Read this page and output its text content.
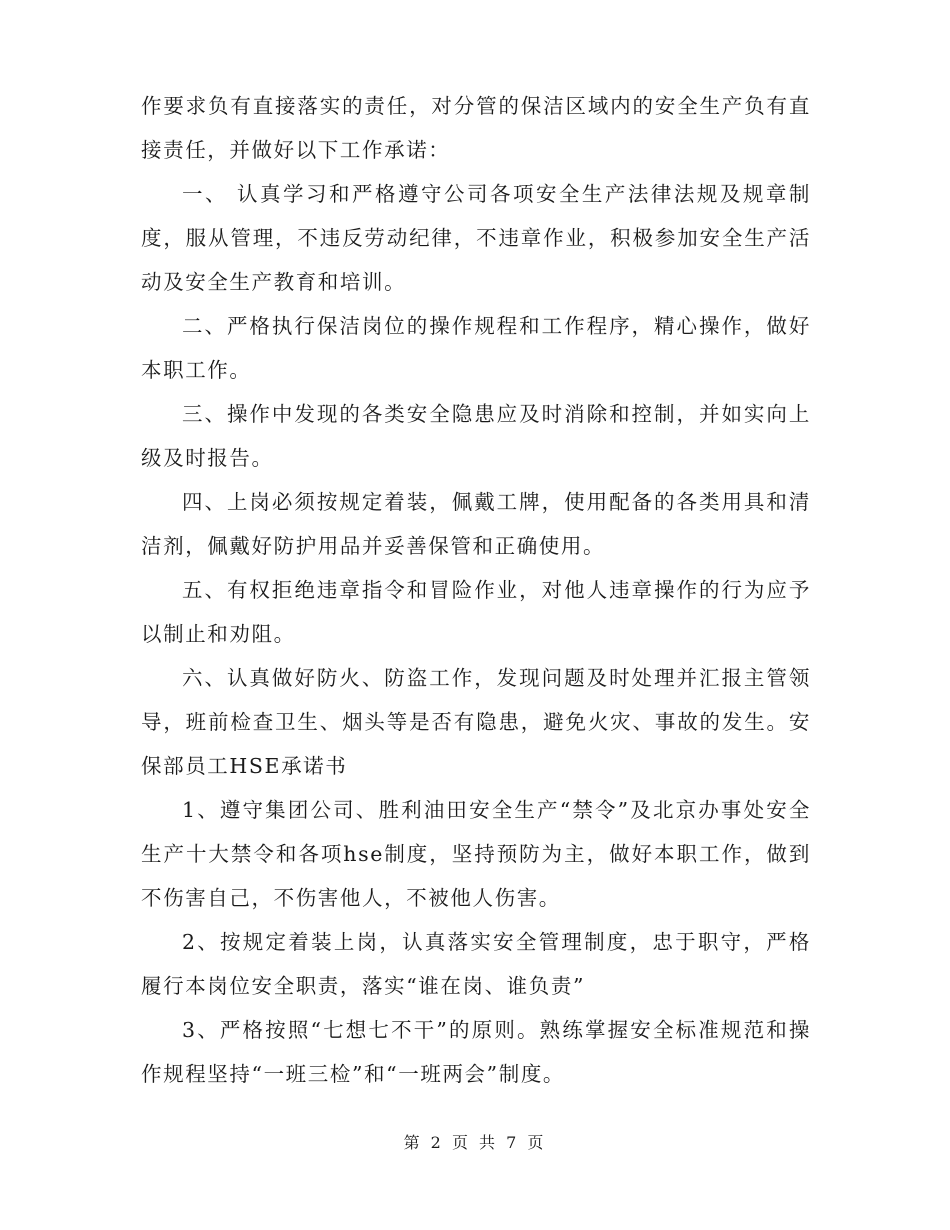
作要求负有直接落实的责任，对分管的保洁区域内的安全生产负有直接责任，并做好以下工作承诺：

一、 认真学习和严格遵守公司各项安全生产法律法规及规章制度，服从管理，不违反劳动纪律，不违章作业，积极参加安全生产活动及安全生产教育和培训。

二、严格执行保洁岗位的操作规程和工作程序，精心操作，做好本职工作。

三、操作中发现的各类安全隐患应及时消除和控制，并如实向上级及时报告。

四、上岗必须按规定着装，佩戴工牌，使用配备的各类用具和清洁剂，佩戴好防护用品并妥善保管和正确使用。

五、有权拒绝违章指令和冒险作业，对他人违章操作的行为应予以制止和劝阻。

六、认真做好防火、防盗工作，发现问题及时处理并汇报主管领导，班前检查卫生、烟头等是否有隐患，避免火灾、事故的发生。安保部员工HSE承诺书

1、遵守集团公司、胜利油田安全生产“禁令”及北京办事处安全生产十大禁令和各项hse制度，坚持预防为主，做好本职工作，做到不伤害自己，不伤害他人，不被他人伤害。

2、按规定着装上岗，认真落实安全管理制度，忠于职守，严格履行本岗位安全职责，落实“谁在岗、谁负责”

3、严格按照“七想七不干”的原则。熟练掌握安全标准规范和操作规程坚持“一班三检”和“一班两会”制度。

第 2 页 共 7 页
